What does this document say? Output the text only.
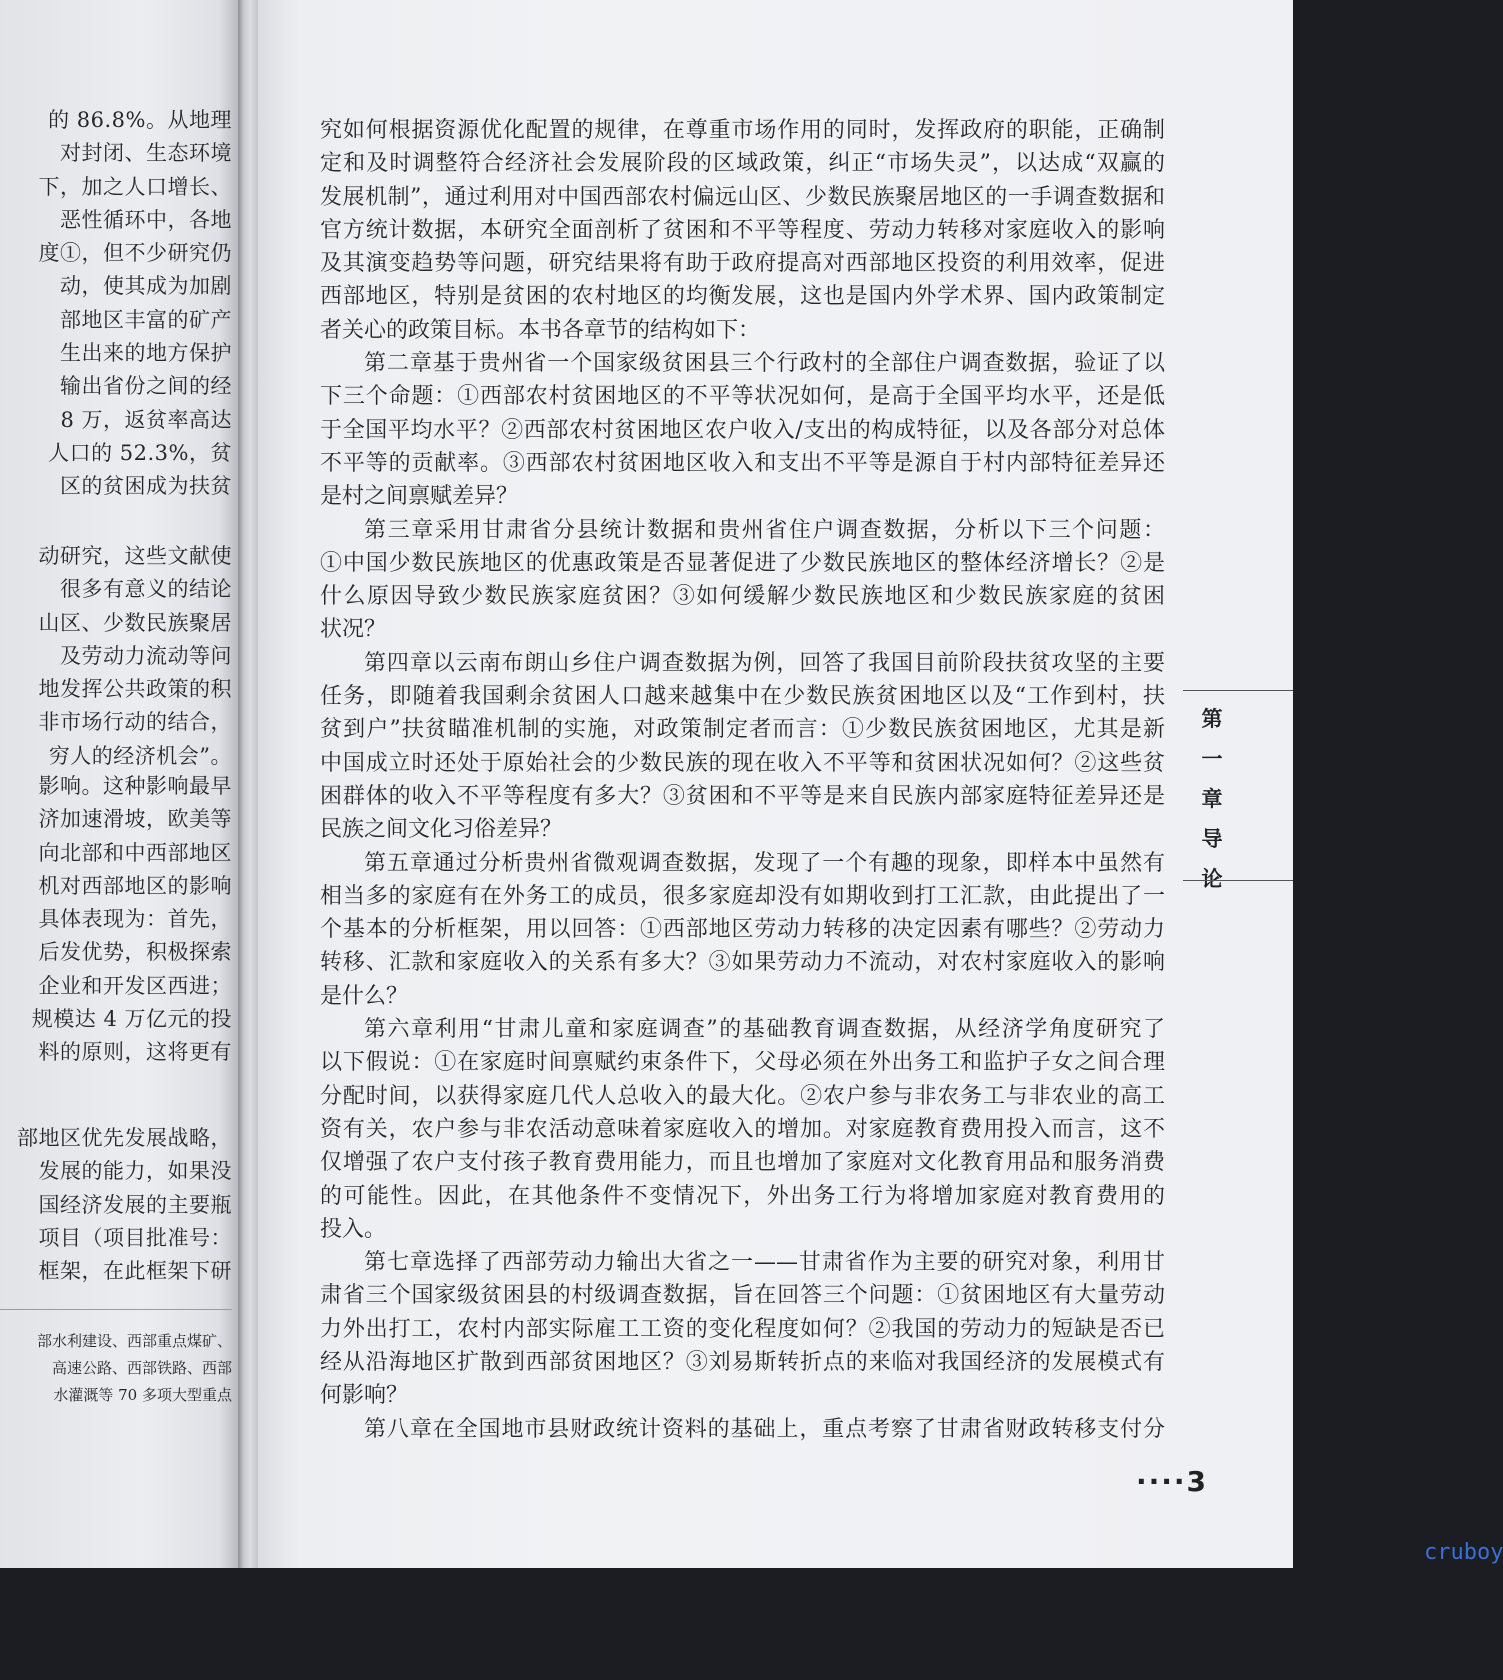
的 86.8%。从地理
对封闭、生态环境
下，加之人口增长、
恶性循环中，各地
度①，但不少研究仍
动，使其成为加剧
部地区丰富的矿产
生出来的地方保护
输出省份之间的经
8 万，返贫率高达
人口的 52.3%，贫
区的贫困成为扶贫
动研究，这些文献使
很多有意义的结论
山区、少数民族聚居
及劳动力流动等问
地发挥公共政策的积
非市场行动的结合，
穷人的经济机会”。
影响。这种影响最早
济加速滑坡，欧美等
向北部和中西部地区
机对西部地区的影响
具体表现为：首先，
后发优势，积极探索
企业和开发区西进；
规模达 4 万亿元的投
料的原则，这将更有
部地区优先发展战略，
发展的能力，如果没
国经济发展的主要瓶
项目（项目批准号：
框架，在此框架下研
部水利建设、西部重点煤矿、
高速公路、西部铁路、西部
水灌溉等 70 多项大型重点
究如何根据资源优化配置的规律，在尊重市场作用的同时，发挥政府的职能，正确制
定和及时调整符合经济社会发展阶段的区域政策，纠正“市场失灵”，以达成“双赢的
发展机制”，通过利用对中国西部农村偏远山区、少数民族聚居地区的一手调查数据和
官方统计数据，本研究全面剖析了贫困和不平等程度、劳动力转移对家庭收入的影响
及其演变趋势等问题，研究结果将有助于政府提高对西部地区投资的利用效率，促进
西部地区，特别是贫困的农村地区的均衡发展，这也是国内外学术界、国内政策制定
者关心的政策目标。本书各章节的结构如下：
第二章基于贵州省一个国家级贫困县三个行政村的全部住户调查数据，验证了以
下三个命题：①西部农村贫困地区的不平等状况如何，是高于全国平均水平，还是低
于全国平均水平？②西部农村贫困地区农户收入/支出的构成特征，以及各部分对总体
不平等的贡献率。③西部农村贫困地区收入和支出不平等是源自于村内部特征差异还
是村之间禀赋差异？
第三章采用甘肃省分县统计数据和贵州省住户调查数据，分析以下三个问题：
①中国少数民族地区的优惠政策是否显著促进了少数民族地区的整体经济增长？②是
什么原因导致少数民族家庭贫困？③如何缓解少数民族地区和少数民族家庭的贫困
状况？
第四章以云南布朗山乡住户调查数据为例，回答了我国目前阶段扶贫攻坚的主要
任务，即随着我国剩余贫困人口越来越集中在少数民族贫困地区以及“工作到村，扶
贫到户”扶贫瞄准机制的实施，对政策制定者而言：①少数民族贫困地区，尤其是新
中国成立时还处于原始社会的少数民族的现在收入不平等和贫困状况如何？②这些贫
困群体的收入不平等程度有多大？③贫困和不平等是来自民族内部家庭特征差异还是
民族之间文化习俗差异？
第五章通过分析贵州省微观调查数据，发现了一个有趣的现象，即样本中虽然有
相当多的家庭有在外务工的成员，很多家庭却没有如期收到打工汇款，由此提出了一
个基本的分析框架，用以回答：①西部地区劳动力转移的决定因素有哪些？②劳动力
转移、汇款和家庭收入的关系有多大？③如果劳动力不流动，对农村家庭收入的影响
是什么？
第六章利用“甘肃儿童和家庭调查”的基础教育调查数据，从经济学角度研究了
以下假说：①在家庭时间禀赋约束条件下，父母必须在外出务工和监护子女之间合理
分配时间，以获得家庭几代人总收入的最大化。②农户参与非农务工与非农业的高工
资有关，农户参与非农活动意味着家庭收入的增加。对家庭教育费用投入而言，这不
仅增强了农户支付孩子教育费用能力，而且也增加了家庭对文化教育用品和服务消费
的可能性。因此，在其他条件不变情况下，外出务工行为将增加家庭对教育费用的
投入。
第七章选择了西部劳动力输出大省之一——甘肃省作为主要的研究对象，利用甘
肃省三个国家级贫困县的村级调查数据，旨在回答三个问题：①贫困地区有大量劳动
力外出打工，农村内部实际雇工工资的变化程度如何？②我国的劳动力的短缺是否已
经从沿海地区扩散到西部贫困地区？③刘易斯转折点的来临对我国经济的发展模式有
何影响？
第八章在全国地市县财政统计资料的基础上，重点考察了甘肃省财政转移支付分
第
一
章
导
论
····3
cruboy
